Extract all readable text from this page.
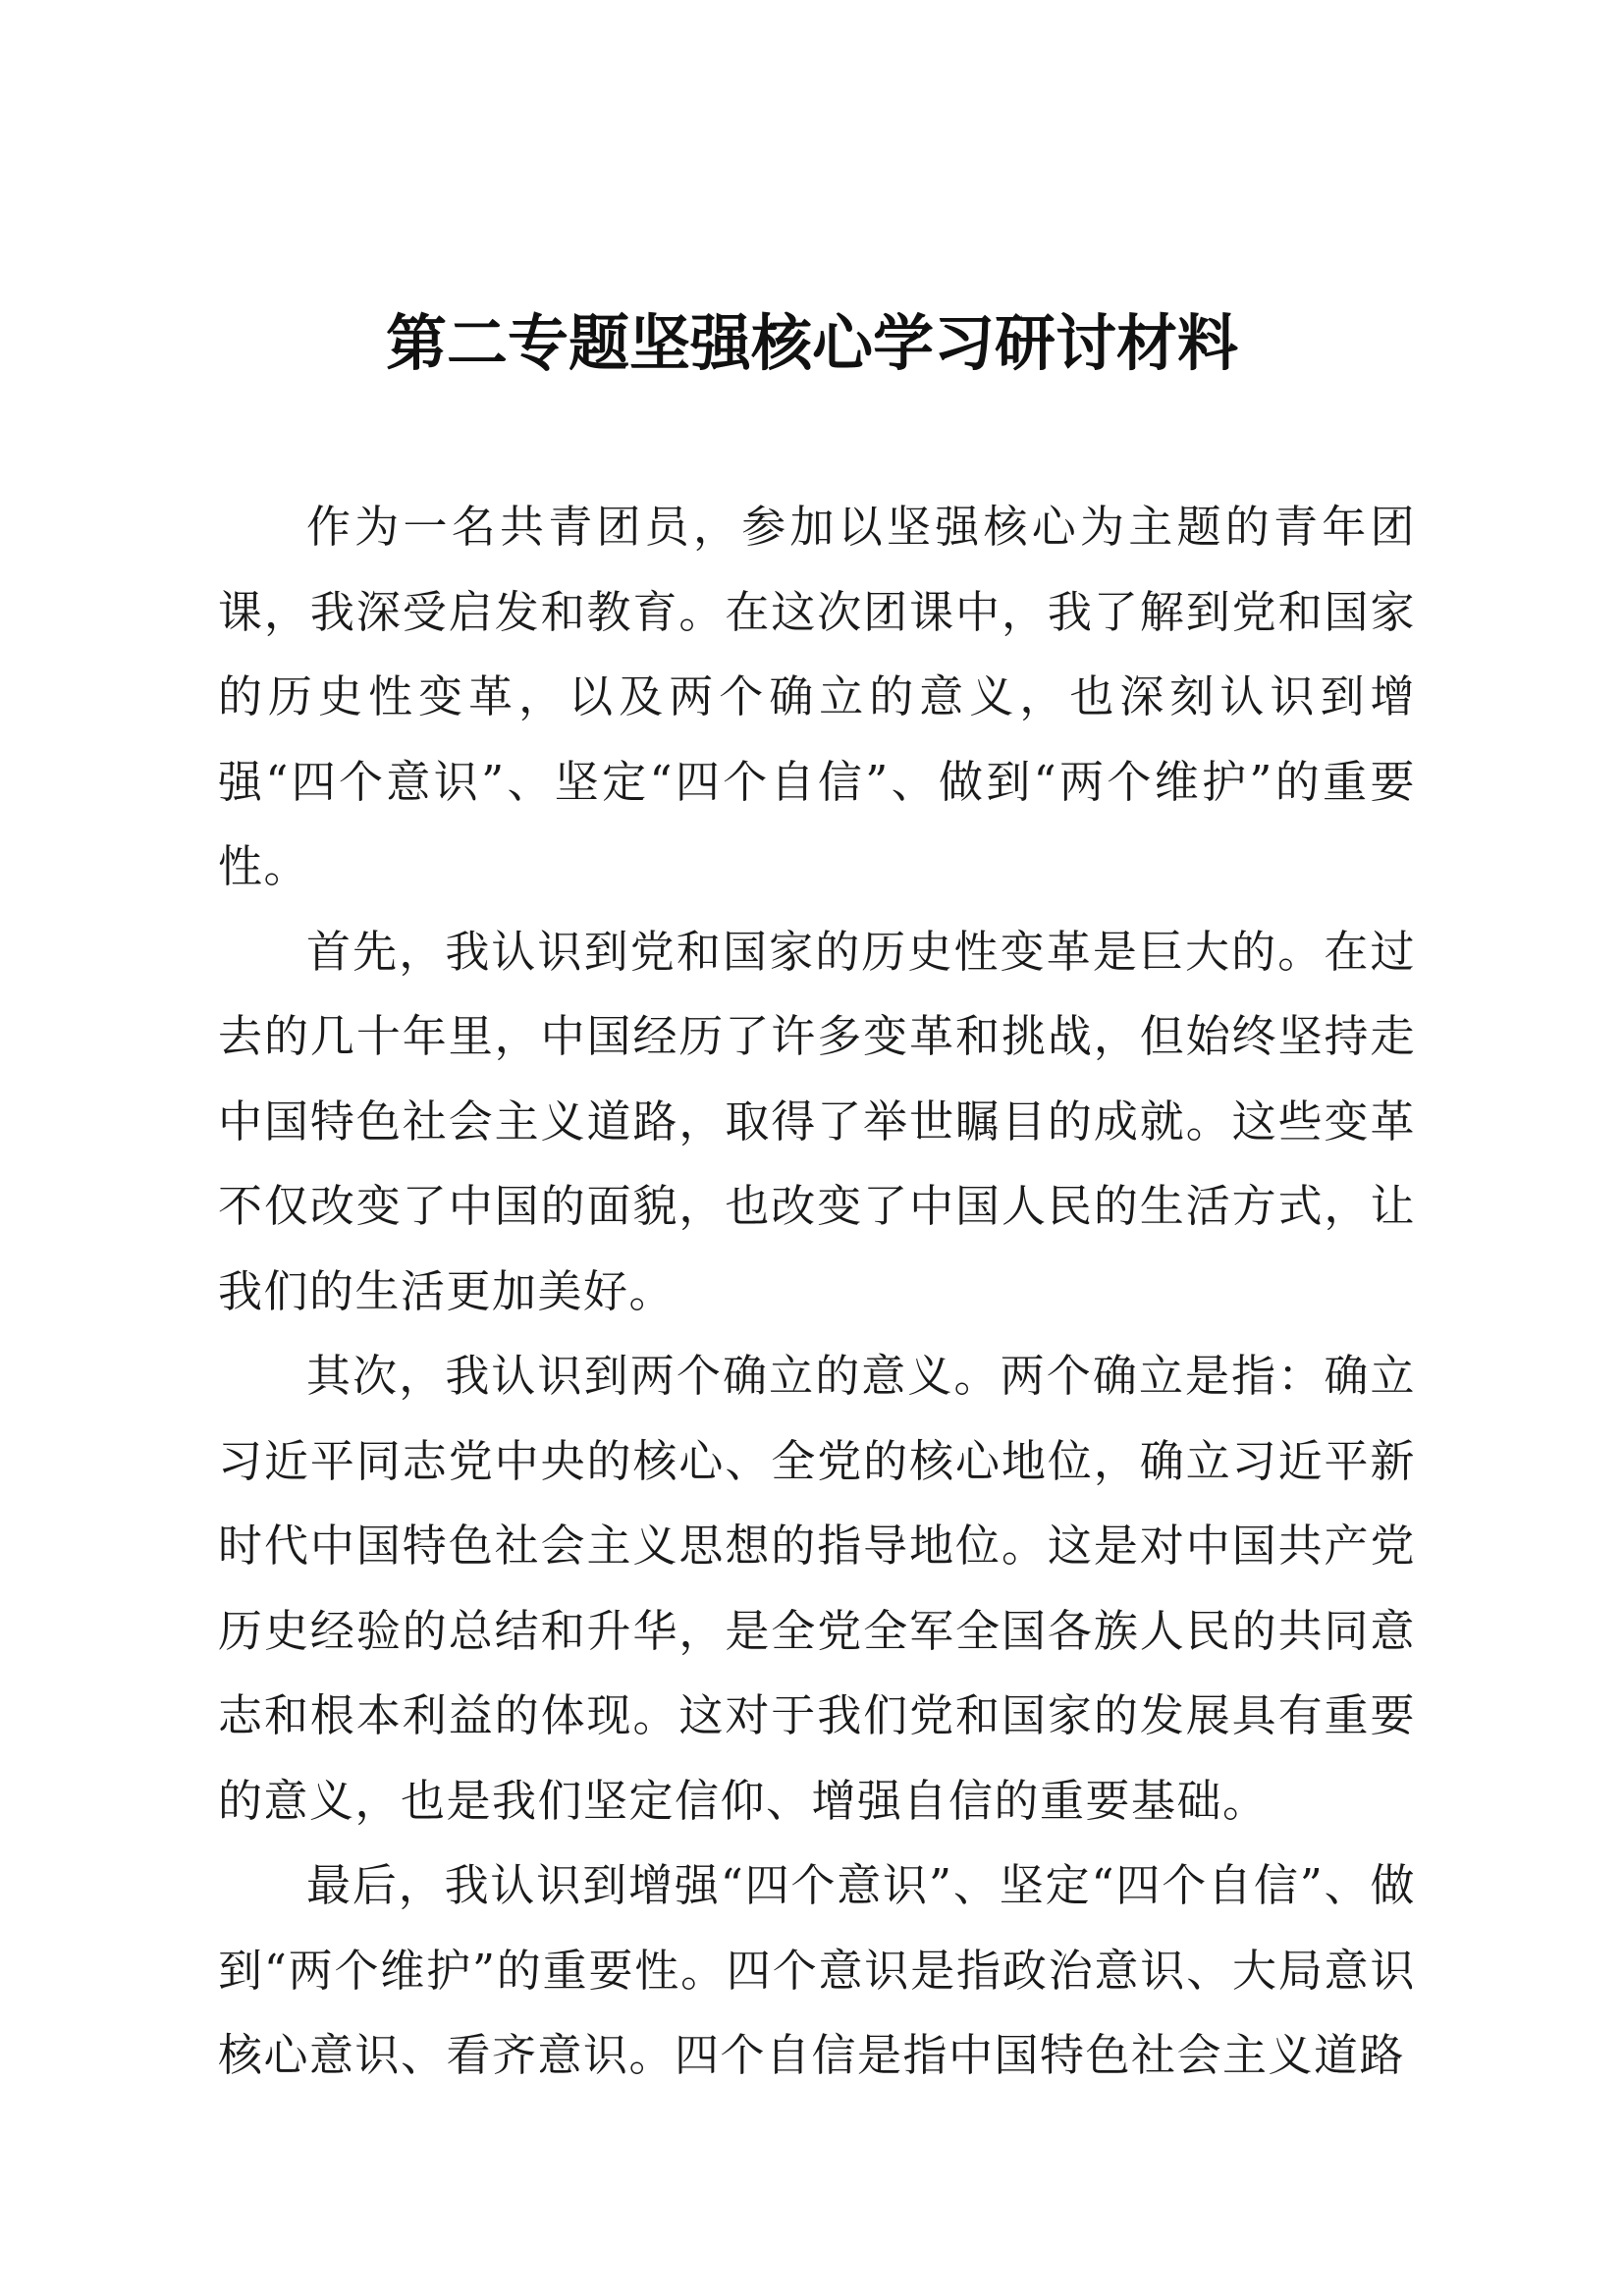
第二专题坚强核心学习研讨材料

作为一名共青团员，参加以坚强核心为主题的青年团课，我深受启发和教育。在这次团课中，我了解到党和国家的历史性变革，以及两个确立的意义，也深刻认识到增强“四个意识”、坚定“四个自信”、做到“两个维护”的重要性。

首先，我认识到党和国家的历史性变革是巨大的。在过去的几十年里，中国经历了许多变革和挑战，但始终坚持走中国特色社会主义道路，取得了举世瞩目的成就。这些变革不仅改变了中国的面貌，也改变了中国人民的生活方式，让我们的生活更加美好。

其次，我认识到两个确立的意义。两个确立是指：确立习近平同志党中央的核心、全党的核心地位，确立习近平新时代中国特色社会主义思想的指导地位。这是对中国共产党历史经验的总结和升华，是全党全军全国各族人民的共同意志和根本利益的体现。这对于我们党和国家的发展具有重要的意义，也是我们坚定信仰、增强自信的重要基础。

最后，我认识到增强“四个意识”、坚定“四个自信”、做到“两个维护”的重要性。四个意识是指政治意识、大局意识核心意识、看齐意识。四个自信是指中国特色社会主义道路
